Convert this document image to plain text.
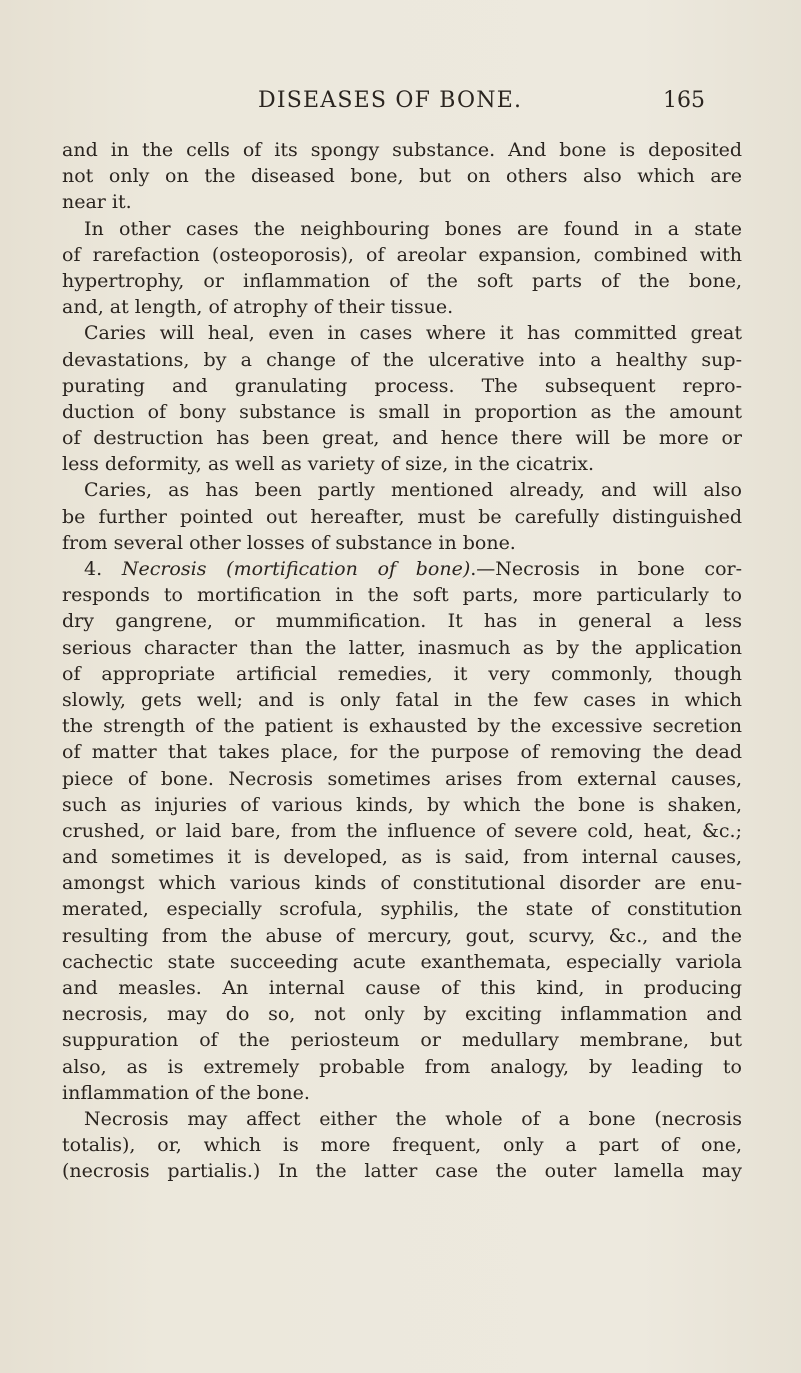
DISEASES OF BONE.	165
and in the cells of its spongy substance. And bone is deposited
not only on the diseased bone, but on others also which are
near it.
In other cases the neighbouring bones are found in a state
of rarefaction (osteoporosis), of areolar expansion, combined with
hypertrophy, or inflammation of the soft parts of the bone,
and, at length, of atrophy of their tissue.
Caries will heal, even in cases where it has committed great
devastations, by a change of the ulcerative into a healthy sup-
purating and granulating process. The subsequent repro-
duction of bony substance is small in proportion as the amount
of destruction has been great, and hence there will be more or
less deformity, as well as variety of size, in the cicatrix.
Caries, as has been partly mentioned already, and will also
be further pointed out hereafter, must be carefully distinguished
from several other losses of substance in bone.
4. Necrosis (mortification of bone).—Necrosis in bone cor-
responds to mortification in the soft parts, more particularly to
dry gangrene, or mummification. It has in general a less
serious character than the latter, inasmuch as by the application
of appropriate artificial remedies, it very commonly, though
slowly, gets well; and is only fatal in the few cases in which
the strength of the patient is exhausted by the excessive secretion
of matter that takes place, for the purpose of removing the dead
piece of bone. Necrosis sometimes arises from external causes,
such as injuries of various kinds, by which the bone is shaken,
crushed, or laid bare, from the influence of severe cold, heat, &c.;
and sometimes it is developed, as is said, from internal causes,
amongst which various kinds of constitutional disorder are enu-
merated, especially scrofula, syphilis, the state of constitution
resulting from the abuse of mercury, gout, scurvy, &c., and the
cachectic state succeeding acute exanthemata, especially variola
and measles. An internal cause of this kind, in producing
necrosis, may do so, not only by exciting inflammation and
suppuration of the periosteum or medullary membrane, but
also, as is extremely probable from analogy, by leading to
inflammation of the bone.
Necrosis may affect either the whole of a bone (necrosis
totalis), or, which is more frequent, only a part of one,
(necrosis partialis.) In the latter case the outer lamella may
